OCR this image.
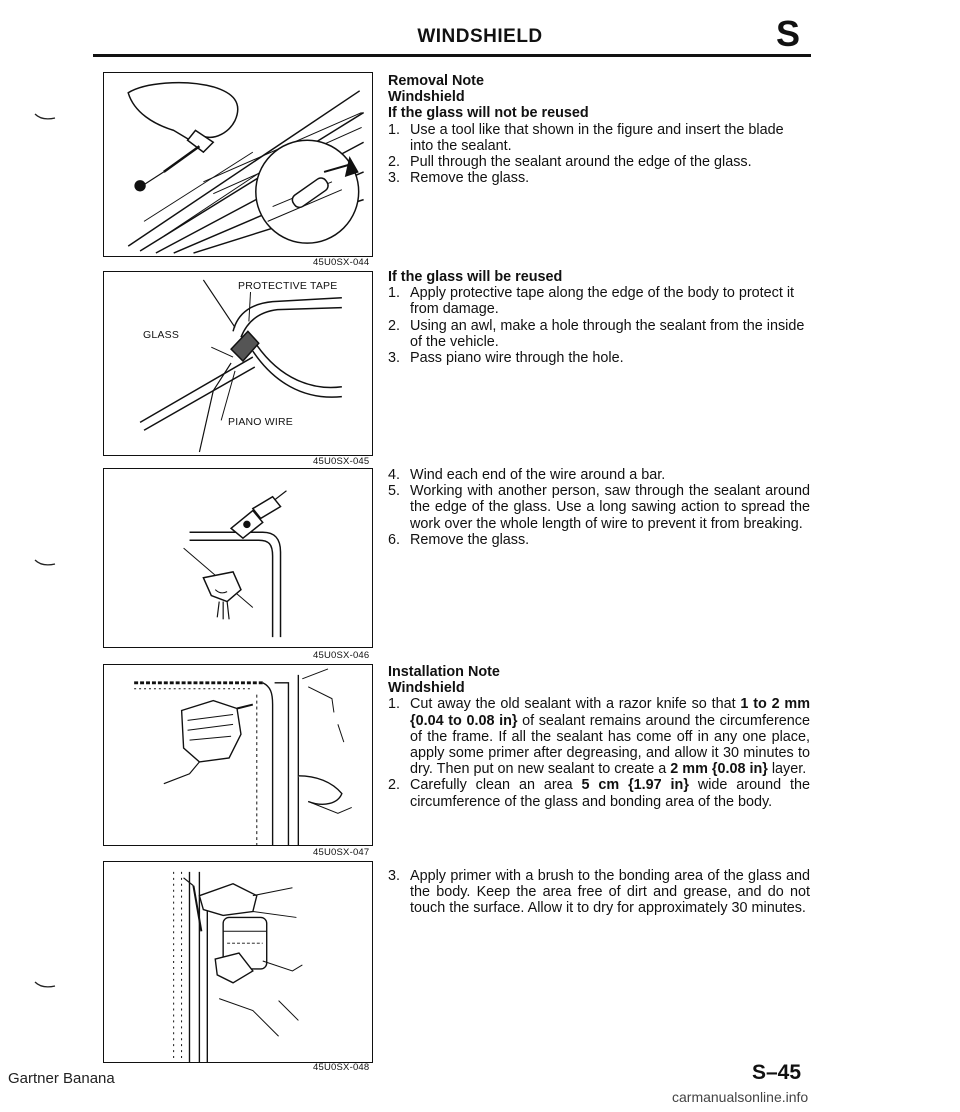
WINDSHIELD	S
45U0SX-044
PROTECTIVE TAPE
GLASS
PIANO WIRE
45U0SX-045
45U0SX-046
45U0SX-047
45U0SX-048
Removal Note
Windshield
If the glass will not be reused
1. Use a tool like that shown in the figure and insert the blade into the sealant.
2. Pull through the sealant around the edge of the glass.
3. Remove the glass.
If the glass will be reused
1. Apply protective tape along the edge of the body to protect it from damage.
2. Using an awl, make a hole through the sealant from the inside of the vehicle.
3. Pass piano wire through the hole.
4. Wind each end of the wire around a bar.
5. Working with another person, saw through the sealant around the edge of the glass. Use a long sawing action to spread the work over the whole length of wire to prevent it from breaking.
6. Remove the glass.
Installation Note
Windshield
1. Cut away the old sealant with a razor knife so that 1 to 2 mm {0.04 to 0.08 in} of sealant remains around the circumference of the frame. If all the sealant has come off in any one place, apply some primer after degreasing, and allow it 30 minutes to dry. Then put on new sealant to create a 2 mm {0.08 in} layer.
2. Carefully clean an area 5 cm {1.97 in} wide around the circumference of the glass and bonding area of the body.
3. Apply primer with a brush to the bonding area of the glass and the body. Keep the area free of dirt and grease, and do not touch the surface. Allow it to dry for approximately 30 minutes.
Gartner Banana	S–45
carmanualsonline.info
